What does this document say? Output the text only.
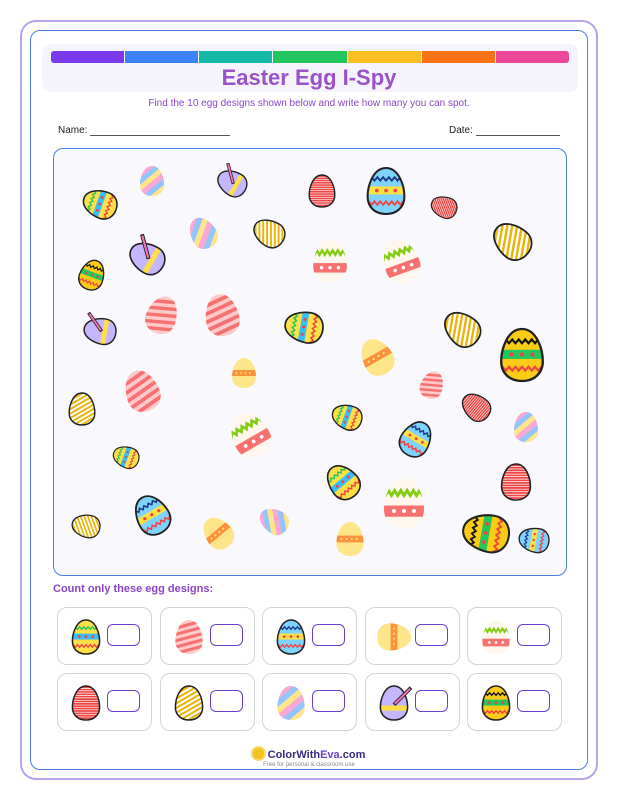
Easter Egg I-Spy
Find the 10 egg designs shown below and write how many you can spot.
Name:	Date:
Count only these egg designs:
ColorWithEva.com
Free for personal & classroom use
